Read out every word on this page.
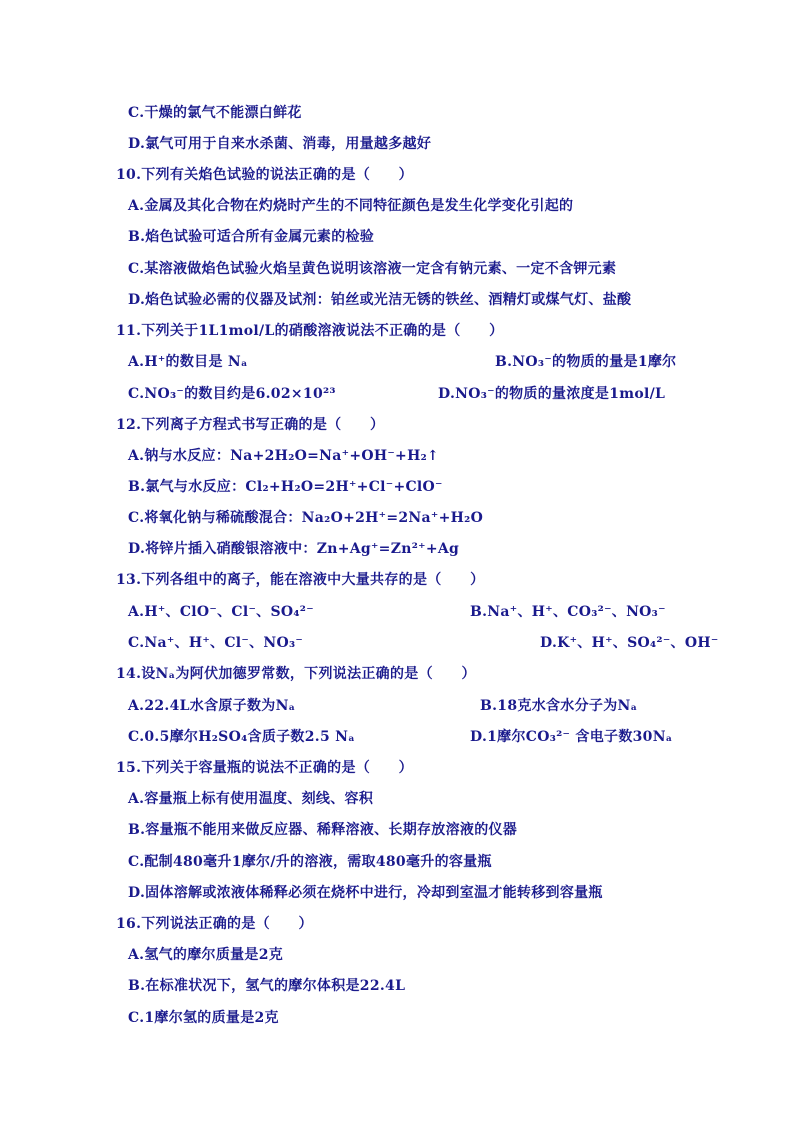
C.干燥的氯气不能漂白鲜花
D.氯气可用于自来水杀菌、消毒，用量越多越好
10.下列有关焰色试验的说法正确的是（　　）
A.金属及其化合物在灼烧时产生的不同特征颜色是发生化学变化引起的
B.焰色试验可适合所有金属元素的检验
C.某溶液做焰色试验火焰呈黄色说明该溶液一定含有钠元素、一定不含钾元素
D.焰色试验必需的仪器及试剂：铂丝或光洁无锈的铁丝、酒精灯或煤气灯、盐酸
11.下列关于1L1mol/L的硝酸溶液说法不正确的是（　　）
A.H⁺的数目是 Nₐ	B.NO₃⁻的物质的量是1摩尔
C.NO₃⁻的数目约是6.02×10²³	D.NO₃⁻的物质的量浓度是1mol/L
12.下列离子方程式书写正确的是（　　）
A.钠与水反应：Na+2H₂O=Na⁺+OH⁻+H₂↑
B.氯气与水反应：Cl₂+H₂O=2H⁺+Cl⁻+ClO⁻
C.将氧化钠与稀硫酸混合：Na₂O+2H⁺=2Na⁺+H₂O
D.将锌片插入硝酸银溶液中：Zn+Ag⁺=Zn²⁺+Ag
13.下列各组中的离子，能在溶液中大量共存的是（　　）
A.H⁺、ClO⁻、Cl⁻、SO₄²⁻	B.Na⁺、H⁺、CO₃²⁻、NO₃⁻
C.Na⁺、H⁺、Cl⁻、NO₃⁻	D.K⁺、H⁺、SO₄²⁻、OH⁻
14.设Nₐ为阿伏加德罗常数，下列说法正确的是（　　）
A.22.4L水含原子数为Nₐ	B.18克水含水分子为Nₐ
C.0.5摩尔H₂SO₄含质子数2.5 Nₐ	D.1摩尔CO₃²⁻ 含电子数30Nₐ
15.下列关于容量瓶的说法不正确的是（　　）
A.容量瓶上标有使用温度、刻线、容积
B.容量瓶不能用来做反应器、稀释溶液、长期存放溶液的仪器
C.配制480毫升1摩尔/升的溶液，需取480毫升的容量瓶
D.固体溶解或浓液体稀释必须在烧杯中进行，冷却到室温才能转移到容量瓶
16.下列说法正确的是（　　）
A.氢气的摩尔质量是2克
B.在标准状况下，氢气的摩尔体积是22.4L
C.1摩尔氢的质量是2克
